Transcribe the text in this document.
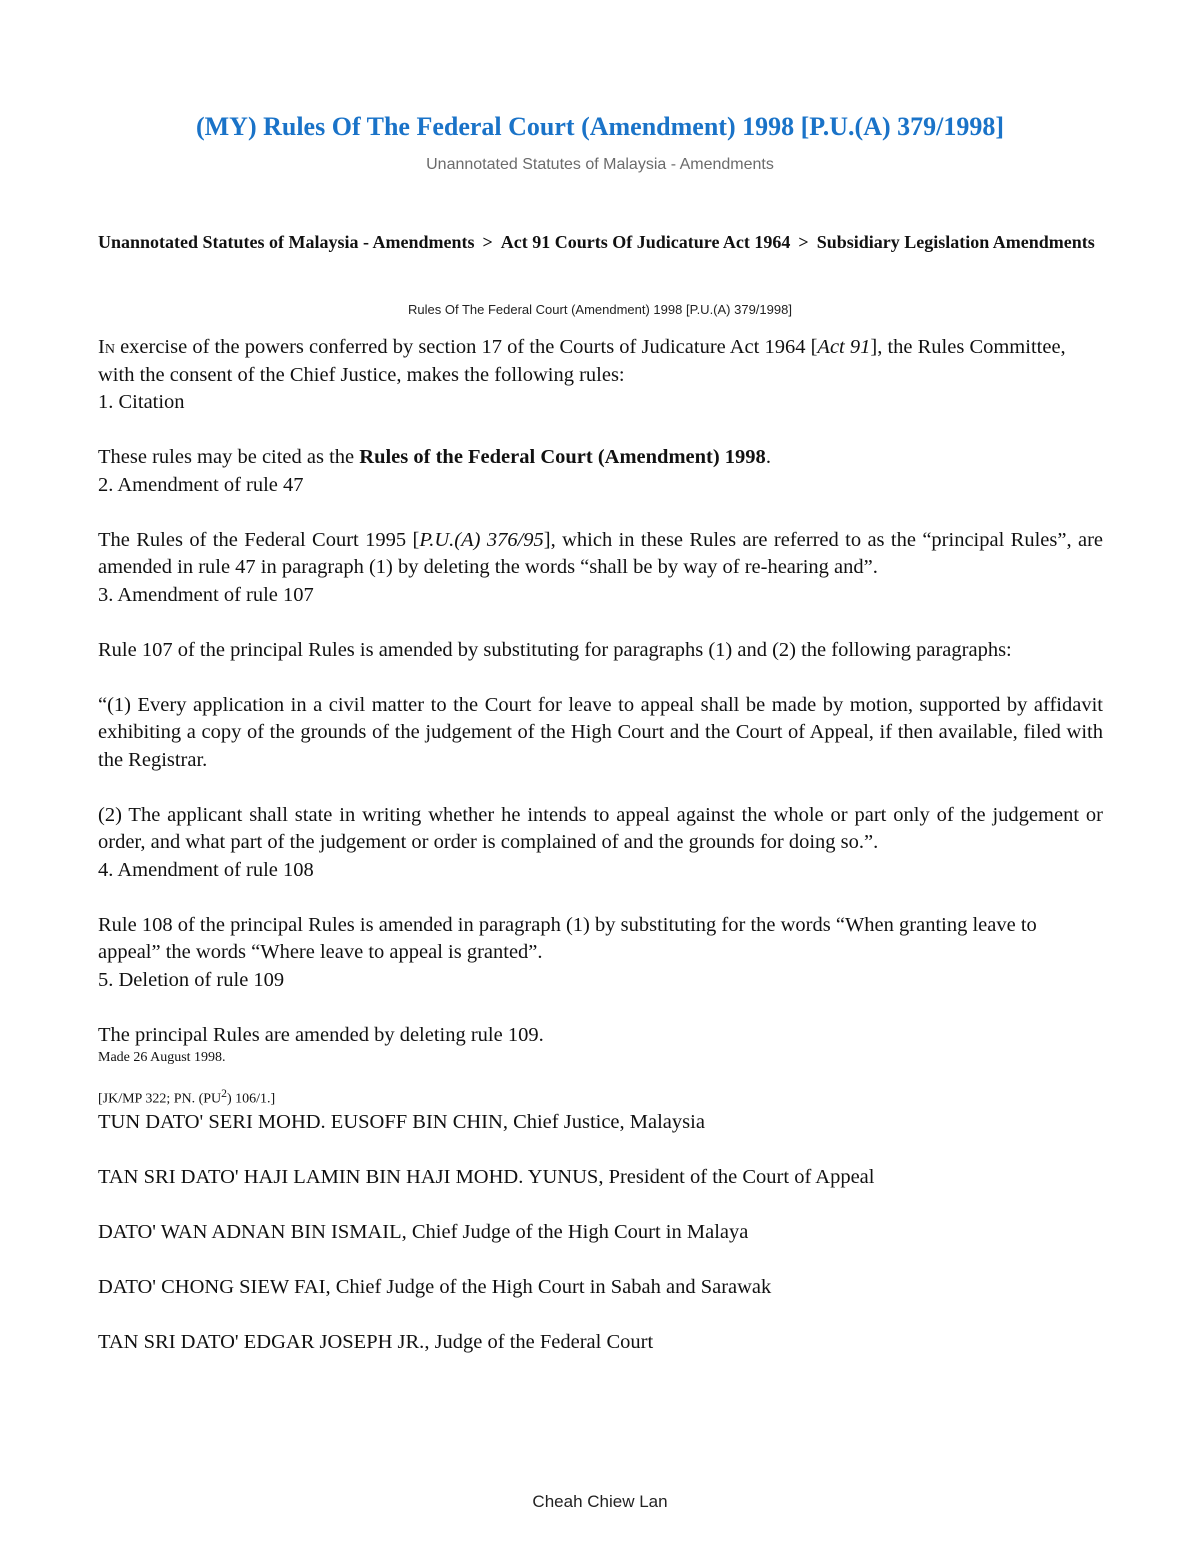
(MY) Rules Of The Federal Court (Amendment) 1998 [P.U.(A) 379/1998]
Unannotated Statutes of Malaysia - Amendments
Unannotated Statutes of Malaysia - Amendments > Act 91 Courts Of Judicature Act 1964 > Subsidiary Legislation Amendments
Rules Of The Federal Court (Amendment) 1998 [P.U.(A) 379/1998]

In exercise of the powers conferred by section 17 of the Courts of Judicature Act 1964 [Act 91], the Rules Committee, with the consent of the Chief Justice, makes the following rules:

1. Citation

These rules may be cited as the Rules of the Federal Court (Amendment) 1998.

2. Amendment of rule 47

The Rules of the Federal Court 1995 [P.U.(A) 376/95], which in these Rules are referred to as the “principal Rules”, are amended in rule 47 in paragraph (1) by deleting the words “shall be by way of re-hearing and”.

3. Amendment of rule 107

Rule 107 of the principal Rules is amended by substituting for paragraphs (1) and (2) the following paragraphs:

“(1) Every application in a civil matter to the Court for leave to appeal shall be made by motion, supported by affidavit exhibiting a copy of the grounds of the judgement of the High Court and the Court of Appeal, if then available, filed with the Registrar.

(2) The applicant shall state in writing whether he intends to appeal against the whole or part only of the judgement or order, and what part of the judgement or order is complained of and the grounds for doing so.”.

4. Amendment of rule 108

Rule 108 of the principal Rules is amended in paragraph (1) by substituting for the words “When granting leave to appeal” the words “Where leave to appeal is granted”.

5. Deletion of rule 109

The principal Rules are amended by deleting rule 109.

Made 26 August 1998.

[JK/MP 322; PN. $(PU^2)$ 106/1.]

TUN DATO' SERI MOHD. EUSOFF BIN CHIN, Chief Justice, Malaysia

TAN SRI DATO' HAJI LAMIN BIN HAJI MOHD. YUNUS, President of the Court of Appeal

DATO' WAN ADNAN BIN ISMAIL, Chief Judge of the High Court in Malaya

DATO' CHONG SIEW FAI, Chief Judge of the High Court in Sabah and Sarawak

TAN SRI DATO' EDGAR JOSEPH JR., Judge of the Federal Court

Cheah Chiew Lan
